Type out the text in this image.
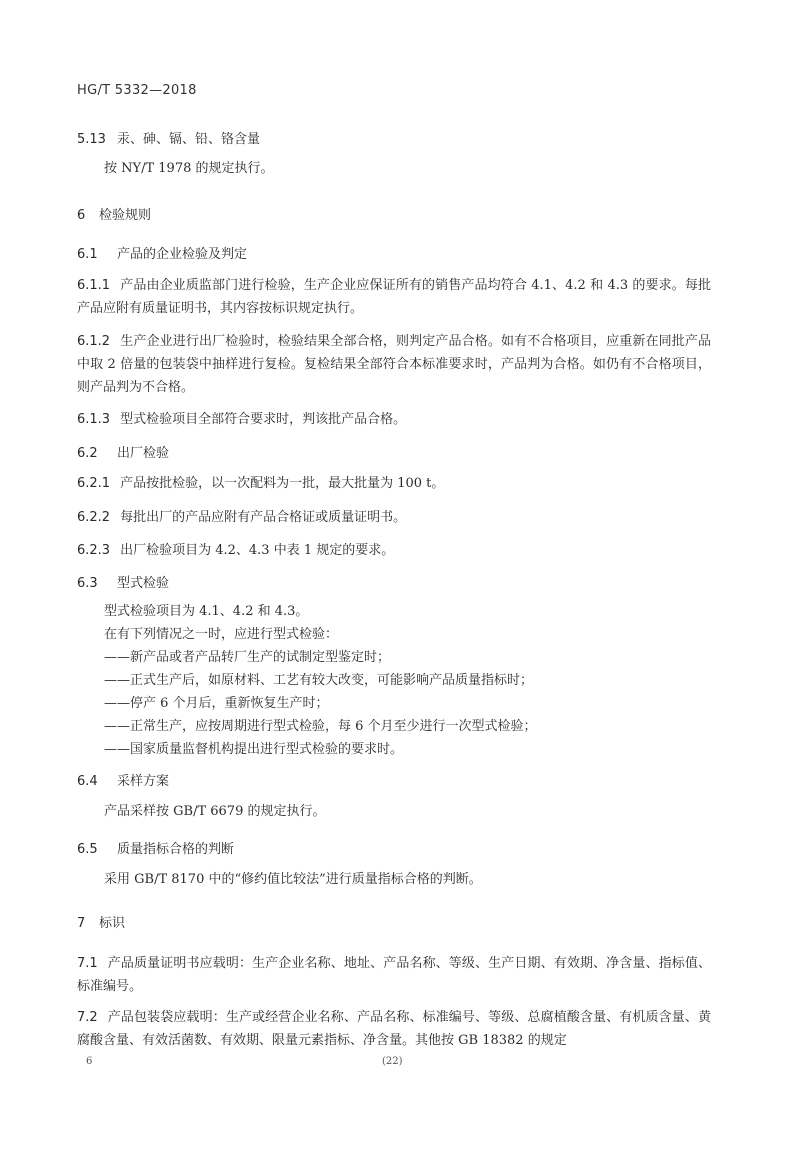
HG/T 5332—2018
5.13 汞、砷、镉、铅、铬含量
按 NY/T 1978 的规定执行。
6 检验规则
6.1 产品的企业检验及判定
6.1.1 产品由企业质监部门进行检验，生产企业应保证所有的销售产品均符合 4.1、4.2 和 4.3 的要求。每批产品应附有质量证明书，其内容按标识规定执行。
6.1.2 生产企业进行出厂检验时，检验结果全部合格，则判定产品合格。如有不合格项目，应重新在同批产品中取 2 倍量的包装袋中抽样进行复检。复检结果全部符合本标准要求时，产品判为合格。如仍有不合格项目，则产品判为不合格。
6.1.3 型式检验项目全部符合要求时，判该批产品合格。
6.2 出厂检验
6.2.1 产品按批检验，以一次配料为一批，最大批量为 100 t。
6.2.2 每批出厂的产品应附有产品合格证或质量证明书。
6.2.3 出厂检验项目为 4.2、4.3 中表 1 规定的要求。
6.3 型式检验
型式检验项目为 4.1、4.2 和 4.3。
在有下列情况之一时，应进行型式检验：
——新产品或者产品转厂生产的试制定型鉴定时；
——正式生产后，如原材料、工艺有较大改变，可能影响产品质量指标时；
——停产 6 个月后，重新恢复生产时；
——正常生产，应按周期进行型式检验，每 6 个月至少进行一次型式检验；
——国家质量监督机构提出进行型式检验的要求时。
6.4 采样方案
产品采样按 GB/T 6679 的规定执行。
6.5 质量指标合格的判断
采用 GB/T 8170 中的“修约值比较法”进行质量指标合格的判断。
7 标识
7.1 产品质量证明书应载明：生产企业名称、地址、产品名称、等级、生产日期、有效期、净含量、指标值、标准编号。
7.2 产品包装袋应载明：生产或经营企业名称、产品名称、标准编号、等级、总腐植酸含量、有机质含量、黄腐酸含量、有效活菌数、有效期、限量元素指标、净含量。其他按 GB 18382 的规定
6	(22)
